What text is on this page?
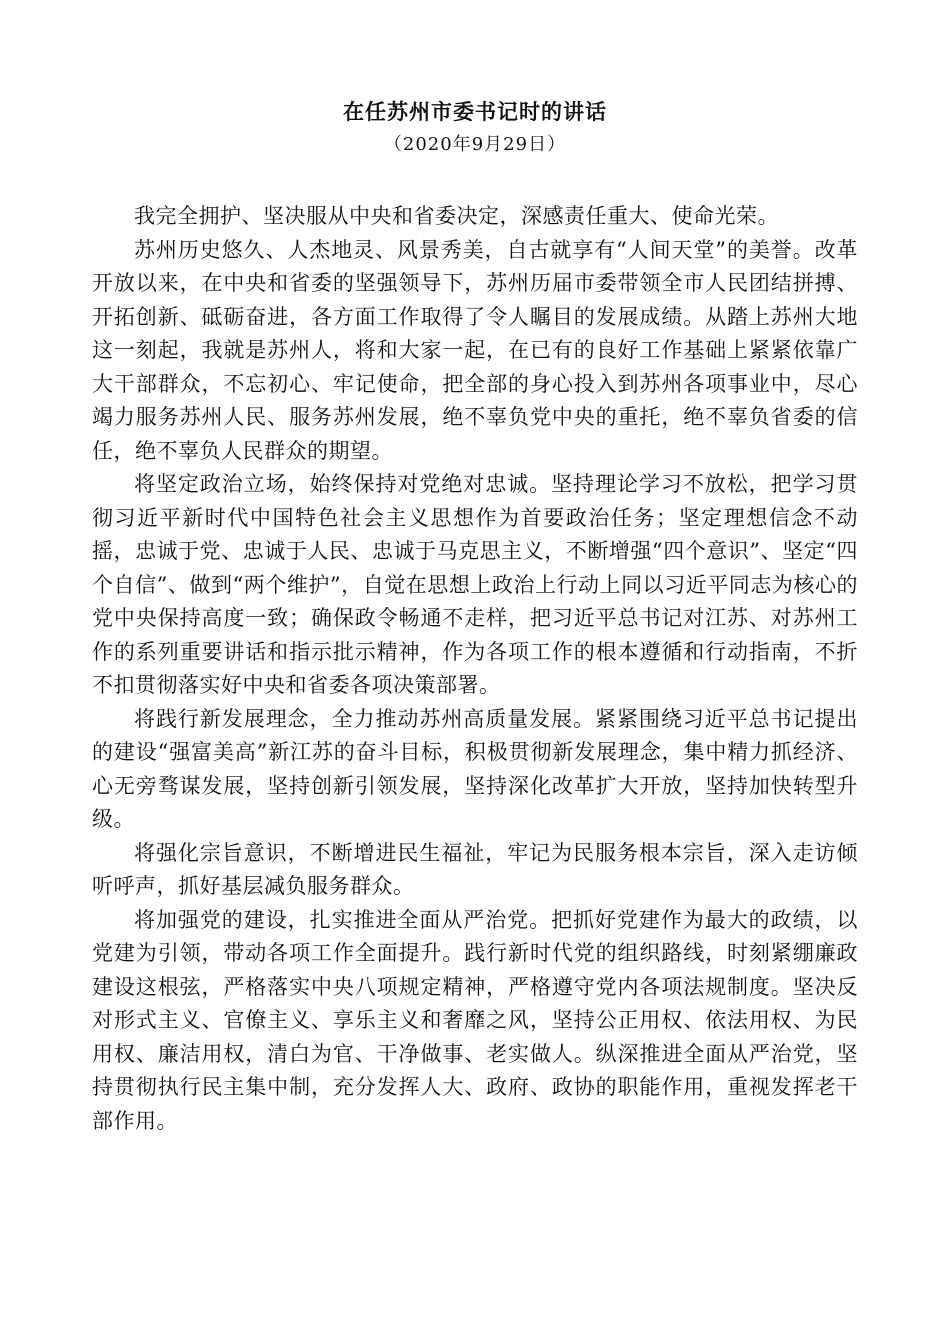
在任苏州市委书记时的讲话
（2020年9月29日）

我完全拥护、坚决服从中央和省委决定，深感责任重大、使命光荣。

苏州历史悠久、人杰地灵、风景秀美，自古就享有“人间天堂”的美誉。改革开放以来，在中央和省委的坚强领导下，苏州历届市委带领全市人民团结拼搏、开拓创新、砥砺奋进，各方面工作取得了令人瞩目的发展成绩。从踏上苏州大地这一刻起，我就是苏州人，将和大家一起，在已有的良好工作基础上紧紧依靠广大干部群众，不忘初心、牢记使命，把全部的身心投入到苏州各项事业中，尽心竭力服务苏州人民、服务苏州发展，绝不辜负党中央的重托，绝不辜负省委的信任，绝不辜负人民群众的期望。

将坚定政治立场，始终保持对党绝对忠诚。坚持理论学习不放松，把学习贯彻习近平新时代中国特色社会主义思想作为首要政治任务；坚定理想信念不动摇，忠诚于党、忠诚于人民、忠诚于马克思主义，不断增强“四个意识”、坚定“四个自信”、做到“两个维护”，自觉在思想上政治上行动上同以习近平同志为核心的党中央保持高度一致；确保政令畅通不走样，把习近平总书记对江苏、对苏州工作的系列重要讲话和指示批示精神，作为各项工作的根本遵循和行动指南，不折不扣贯彻落实好中央和省委各项决策部署。

将践行新发展理念，全力推动苏州高质量发展。紧紧围绕习近平总书记提出的建设“强富美高”新江苏的奋斗目标，积极贯彻新发展理念，集中精力抓经济、心无旁骛谋发展，坚持创新引领发展，坚持深化改革扩大开放，坚持加快转型升级。

将强化宗旨意识，不断增进民生福祉，牢记为民服务根本宗旨，深入走访倾听呼声，抓好基层减负服务群众。

将加强党的建设，扎实推进全面从严治党。把抓好党建作为最大的政绩，以党建为引领，带动各项工作全面提升。践行新时代党的组织路线，时刻紧绷廉政建设这根弦，严格落实中央八项规定精神，严格遵守党内各项法规制度。坚决反对形式主义、官僚主义、享乐主义和奢靡之风，坚持公正用权、依法用权、为民用权、廉洁用权，清白为官、干净做事、老实做人。纵深推进全面从严治党，坚持贯彻执行民主集中制，充分发挥人大、政府、政协的职能作用，重视发挥老干部作用。
